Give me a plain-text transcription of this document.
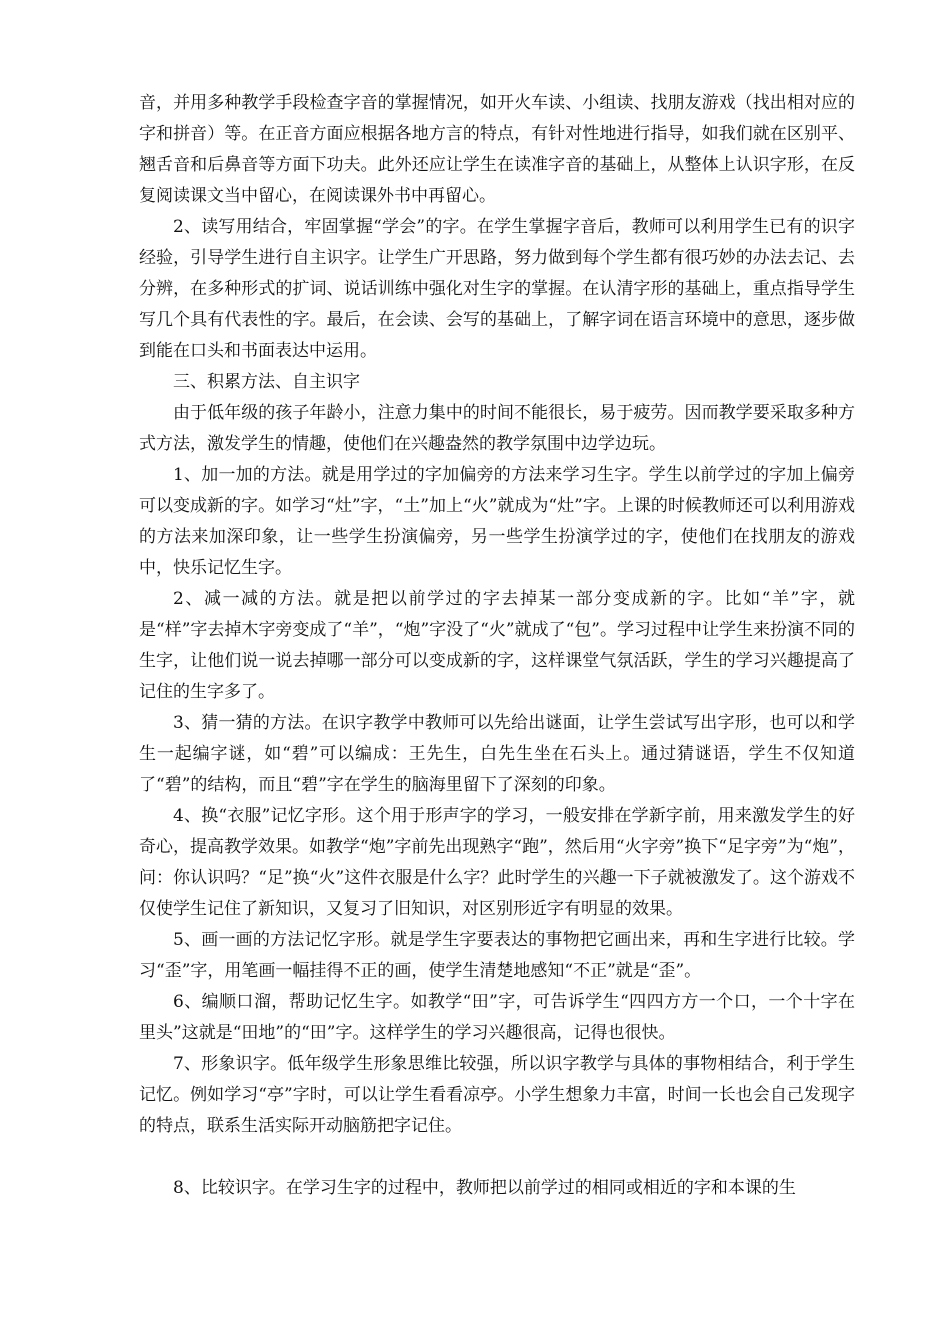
音，并用多种教学手段检查字音的掌握情况，如开火车读、小组读、找朋友游戏（找出相对应的字和拼音）等。在正音方面应根据各地方言的特点，有针对性地进行指导，如我们就在区别平、翘舌音和后鼻音等方面下功夫。此外还应让学生在读准字音的基础上，从整体上认识字形，在反复阅读课文当中留心，在阅读课外书中再留心。

2、读写用结合，牢固掌握“学会”的字。在学生掌握字音后，教师可以利用学生已有的识字经验，引导学生进行自主识字。让学生广开思路，努力做到每个学生都有很巧妙的办法去记、去分辨，在多种形式的扩词、说话训练中强化对生字的掌握。在认清字形的基础上，重点指导学生写几个具有代表性的字。最后，在会读、会写的基础上，了解字词在语言环境中的意思，逐步做到能在口头和书面表达中运用。

三、积累方法、自主识字

由于低年级的孩子年龄小，注意力集中的时间不能很长，易于疲劳。因而教学要采取多种方式方法，激发学生的情趣，使他们在兴趣盎然的教学氛围中边学边玩。

1、加一加的方法。就是用学过的字加偏旁的方法来学习生字。学生以前学过的字加上偏旁可以变成新的字。如学习“灶”字，“土”加上“火”就成为“灶”字。上课的时候教师还可以利用游戏的方法来加深印象，让一些学生扮演偏旁，另一些学生扮演学过的字，使他们在找朋友的游戏中，快乐记忆生字。

2、减一减的方法。就是把以前学过的字去掉某一部分变成新的字。比如“羊”字，就是“样”字去掉木字旁变成了“羊”，“炮”字没了“火”就成了“包”。学习过程中让学生来扮演不同的生字，让他们说一说去掉哪一部分可以变成新的字，这样课堂气氛活跃，学生的学习兴趣提高了记住的生字多了。

3、猜一猜的方法。在识字教学中教师可以先给出谜面，让学生尝试写出字形，也可以和学生一起编字谜，如“碧”可以编成：王先生，白先生坐在石头上。通过猜谜语，学生不仅知道了“碧”的结构，而且“碧”字在学生的脑海里留下了深刻的印象。

4、换“衣服”记忆字形。这个用于形声字的学习，一般安排在学新字前，用来激发学生的好奇心，提高教学效果。如教学“炮”字前先出现熟字“跑”，然后用“火字旁”换下“足字旁”为“炮”，问：你认识吗？“足”换“火”这件衣服是什么字？此时学生的兴趣一下子就被激发了。这个游戏不仅使学生记住了新知识，又复习了旧知识，对区别形近字有明显的效果。

5、画一画的方法记忆字形。就是学生字要表达的事物把它画出来，再和生字进行比较。学习“歪”字，用笔画一幅挂得不正的画，使学生清楚地感知“不正”就是“歪”。

6、编顺口溜，帮助记忆生字。如教学“田”字，可告诉学生“四四方方一个口，一个十字在里头”这就是“田地”的“田”字。这样学生的学习兴趣很高，记得也很快。

7、形象识字。低年级学生形象思维比较强，所以识字教学与具体的事物相结合，利于学生记忆。例如学习“亭”字时，可以让学生看看凉亭。小学生想象力丰富，时间一长也会自己发现字的特点，联系生活实际开动脑筋把字记住。

8、比较识字。在学习生字的过程中，教师把以前学过的相同或相近的字和本课的生
